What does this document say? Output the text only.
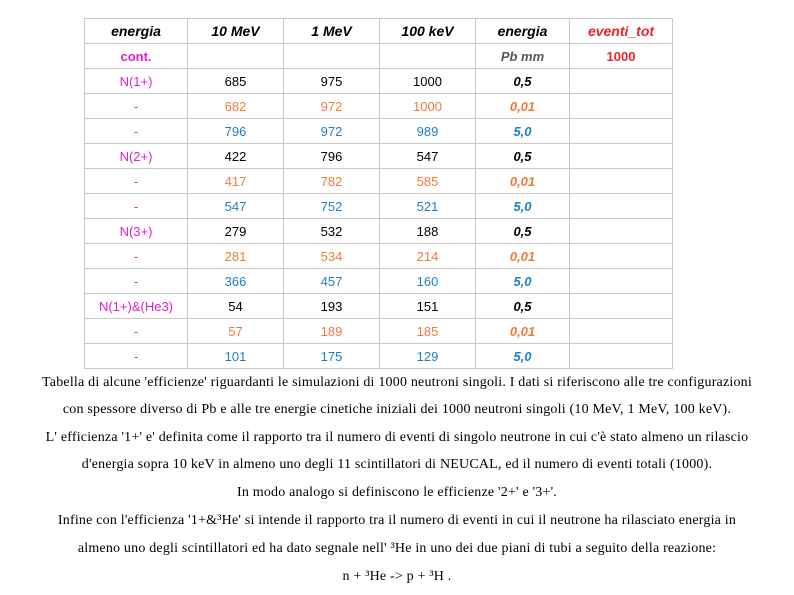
energia	10 MeV	1 MeV	100 keV	energia	eventi_tot
cont.				Pb mm	1000
N(1+)	685	975	1000	0,5	
-	682	972	1000	0,01	
-	796	972	989	5,0	
N(2+)	422	796	547	0,5	
-	417	782	585	0,01	
-	547	752	521	5,0	
N(3+)	279	532	188	0,5	
-	281	534	214	0,01	
-	366	457	160	5,0	
N(1+)&(He3)	54	193	151	0,5	
-	57	189	185	0,01	
-	101	175	129	5,0	
Tabella di alcune 'efficienze' riguardanti le simulazioni di 1000 neutroni singoli. I dati si riferiscono alle tre configurazioni
con spessore diverso di Pb e alle tre energie cinetiche iniziali dei 1000 neutroni singoli (10 MeV, 1 MeV, 100 keV).
L' efficienza '1+' e' definita come il rapporto tra il numero di eventi di singolo neutrone in cui c'è stato almeno un rilascio
d'energia sopra 10 keV in almeno uno degli 11 scintillatori di NEUCAL, ed il numero di eventi totali (1000).
In modo analogo si definiscono le efficienze '2+' e '3+'.
Infine con l'efficienza '1+&³He' si intende il rapporto tra il numero di eventi in cui il neutrone ha rilasciato energia in
almeno uno degli scintillatori ed ha dato segnale nell' ³He in uno dei due piani di tubi a seguito della reazione:
n + ³He -> p + ³H .
